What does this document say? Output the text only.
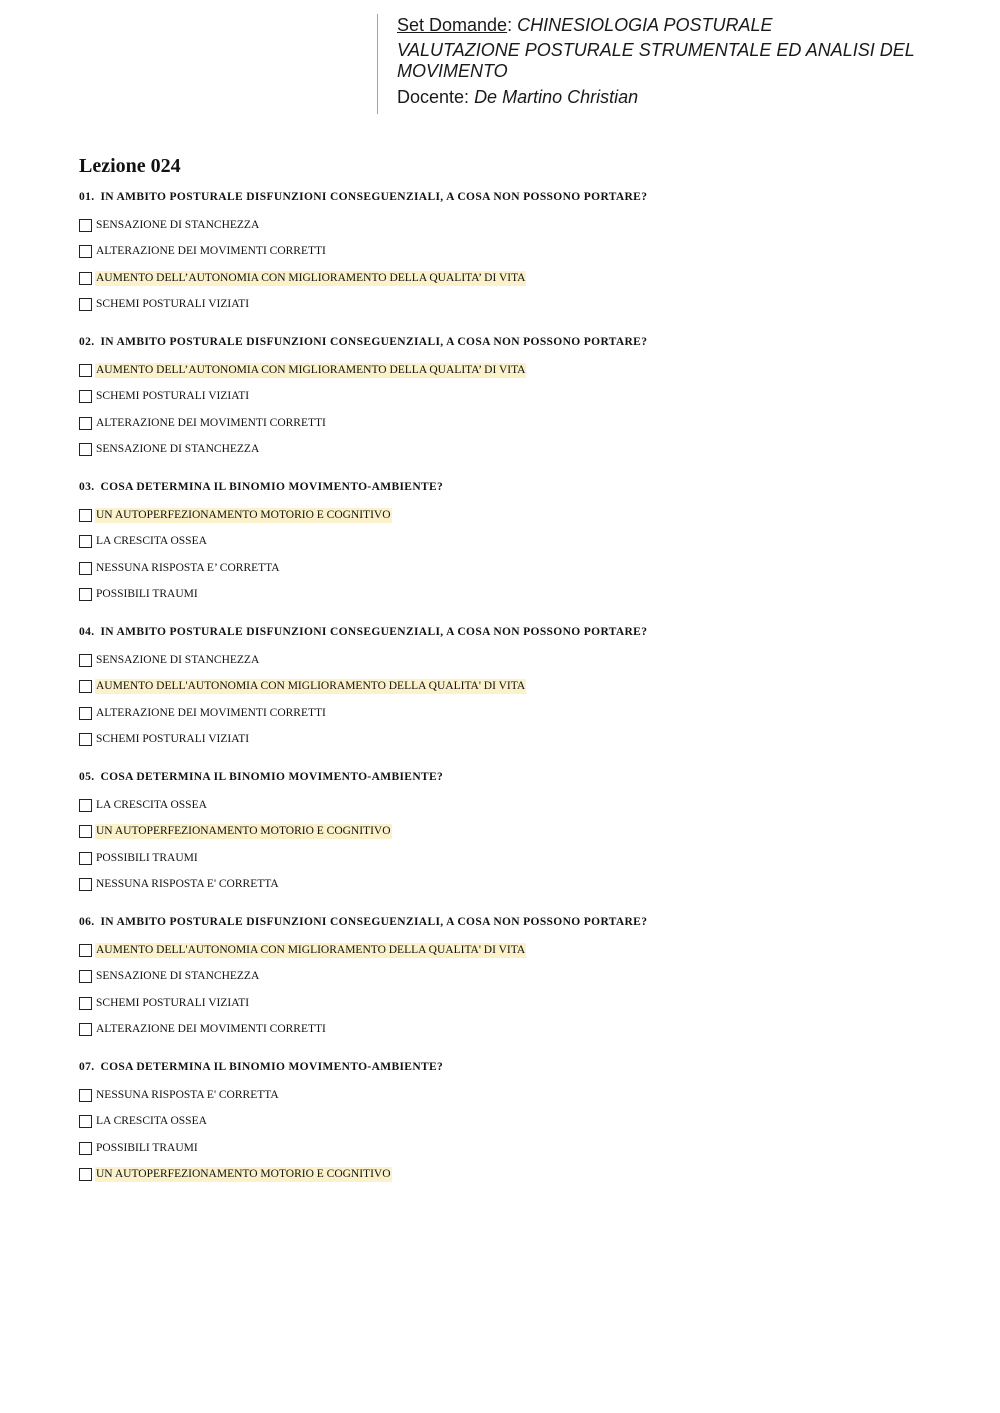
Set Domande: CHINESIOLOGIA POSTURALE
VALUTAZIONE POSTURALE STRUMENTALE ED ANALISI DEL MOVIMENTO

Docente: De Martino Christian

Lezione 024

01. IN AMBITO POSTURALE DISFUNZIONI CONSEGUENZIALI, A COSA NON POSSONO PORTARE?

SENSAZIONE DI STANCHEZZA
ALTERAZIONE DEI MOVIMENTI CORRETTI
AUMENTO DELL’AUTONOMIA CON MIGLIORAMENTO DELLA QUALITA’ DI VITA
SCHEMI POSTURALI VIZIATI

02. IN AMBITO POSTURALE DISFUNZIONI CONSEGUENZIALI, A COSA NON POSSONO PORTARE?

AUMENTO DELL’AUTONOMIA CON MIGLIORAMENTO DELLA QUALITA’ DI VITA
SCHEMI POSTURALI VIZIATI
ALTERAZIONE DEI MOVIMENTI CORRETTI
SENSAZIONE DI STANCHEZZA

03. COSA DETERMINA IL BINOMIO MOVIMENTO-AMBIENTE?

UN AUTOPERFEZIONAMENTO MOTORIO E COGNITIVO
LA CRESCITA OSSEA
NESSUNA RISPOSTA E’ CORRETTA
POSSIBILI TRAUMI

04. IN AMBITO POSTURALE DISFUNZIONI CONSEGUENZIALI, A COSA NON POSSONO PORTARE?

SENSAZIONE DI STANCHEZZA
AUMENTO DELL'AUTONOMIA CON MIGLIORAMENTO DELLA QUALITA' DI VITA
ALTERAZIONE DEI MOVIMENTI CORRETTI
SCHEMI POSTURALI VIZIATI

05. COSA DETERMINA IL BINOMIO MOVIMENTO-AMBIENTE?

LA CRESCITA OSSEA
UN AUTOPERFEZIONAMENTO MOTORIO E COGNITIVO
POSSIBILI TRAUMI
NESSUNA RISPOSTA E' CORRETTA

06. IN AMBITO POSTURALE DISFUNZIONI CONSEGUENZIALI, A COSA NON POSSONO PORTARE?

AUMENTO DELL'AUTONOMIA CON MIGLIORAMENTO DELLA QUALITA' DI VITA
SENSAZIONE DI STANCHEZZA
SCHEMI POSTURALI VIZIATI
ALTERAZIONE DEI MOVIMENTI CORRETTI

07. COSA DETERMINA IL BINOMIO MOVIMENTO-AMBIENTE?

NESSUNA RISPOSTA E' CORRETTA
LA CRESCITA OSSEA
POSSIBILI TRAUMI
UN AUTOPERFEZIONAMENTO MOTORIO E COGNITIVO
